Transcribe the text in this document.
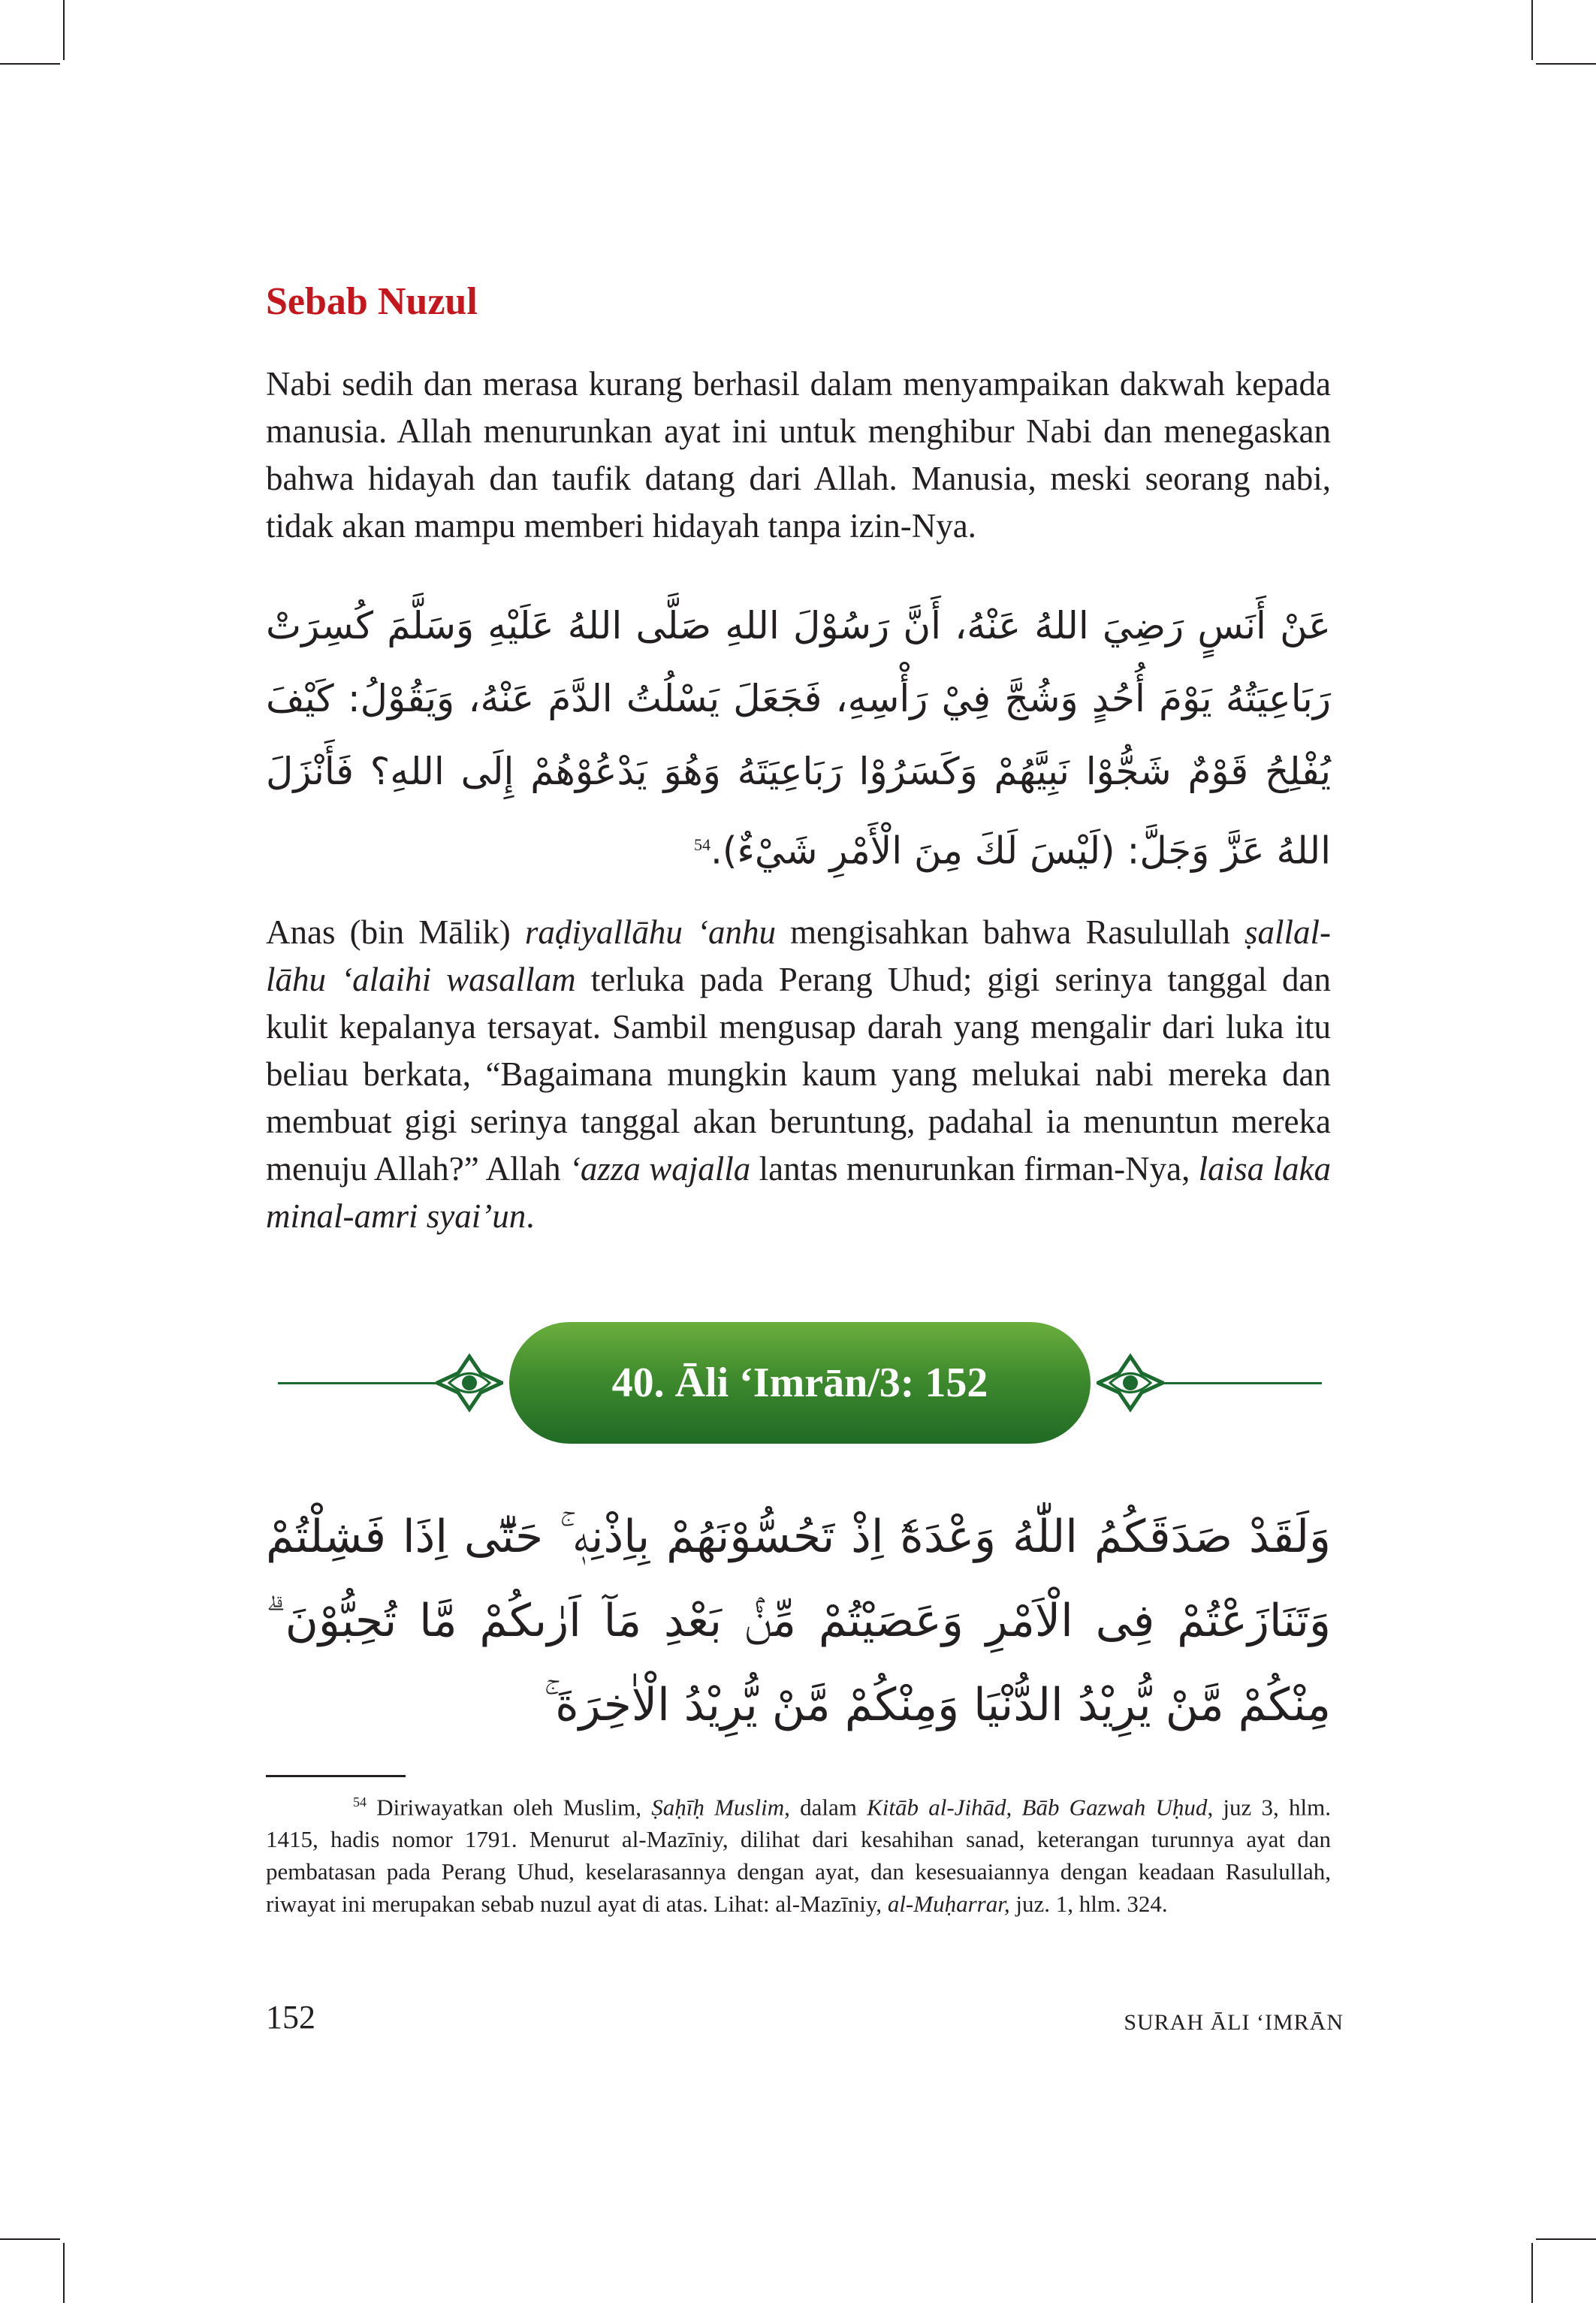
Sebab Nuzul

Nabi sedih dan merasa kurang berhasil dalam menyampaikan dakwah kepada manusia. Allah menurunkan ayat ini untuk menghibur Nabi dan menegaskan bahwa hidayah dan taufik datang dari Allah. Manusia, meski seorang nabi, tidak akan mampu memberi hidayah tanpa izin-Nya.

عَنْ أَنَسٍ رَضِيَ اللهُ عَنْهُ، أَنَّ رَسُوْلَ اللهِ صَلَّى اللهُ عَلَيْهِ وَسَلَّمَ كُسِرَتْ رَبَاعِيَتُهُ يَوْمَ أُحُدٍ وَشُجَّ فِيْ رَأْسِهِ، فَجَعَلَ يَسْلُتُ الدَّمَ عَنْهُ، وَيَقُوْلُ: كَيْفَ يُفْلِحُ قَوْمٌ شَجُّوْا نَبِيَّهُمْ وَكَسَرُوْا رَبَاعِيَتَهُ وَهُوَ يَدْعُوْهُمْ إِلَى اللهِ؟ فَأَنْزَلَ اللهُ عَزَّ وَجَلَّ: (لَيْسَ لَكَ مِنَ الْأَمْرِ شَيْءٌ).$^{54}$

Anas (bin Mālik) raḍiyallāhu ‘anhu mengisahkan bahwa Rasulullah ṣallal-lāhu ‘alaihi wasallam terluka pada Perang Uhud; gigi serinya tanggal dan kulit kepalanya tersayat. Sambil mengusap darah yang mengalir dari luka itu beliau berkata, “Bagaimana mungkin kaum yang melukai nabi mereka dan membuat gigi serinya tanggal akan beruntung, padahal ia menuntun mereka menuju Allah?” Allah ‘azza wajalla lantas menurunkan firman-Nya, laisa laka minal-amri syai’un.

40. Āli ‘Imrān/3: 152

وَلَقَدْ صَدَقَكُمُ اللّٰهُ وَعْدَهٗٓ اِذْ تَحُسُّوْنَهُمْ بِاِذْنِهٖ ۚ حَتّٰٓى اِذَا فَشِلْتُمْ وَتَنَازَعْتُمْ فِى الْاَمْرِ وَعَصَيْتُمْ مِّنْۢ بَعْدِ مَآ اَرٰىكُمْ مَّا تُحِبُّوْنَ ۗ مِنْكُمْ مَّنْ يُّرِيْدُ الدُّنْيَا وَمِنْكُمْ مَّنْ يُّرِيْدُ الْاٰخِرَةَ ۚ

$^{54}$ Diriwayatkan oleh Muslim, Ṣaḥīḥ Muslim, dalam Kitāb al-Jihād, Bāb Gazwah Uḥud, juz 3, hlm. 1415, hadis nomor 1791. Menurut al-Mazīniy, dilihat dari kesahihan sanad, keterangan turunnya ayat dan pembatasan pada Perang Uhud, keselarasannya dengan ayat, dan kesesuaiannya dengan keadaan Rasulullah, riwayat ini merupakan sebab nuzul ayat di atas. Lihat: al-Mazīniy, al-Muḥarrar, juz. 1, hlm. 324.

152	SURAH ĀLI ‘IMRĀN
